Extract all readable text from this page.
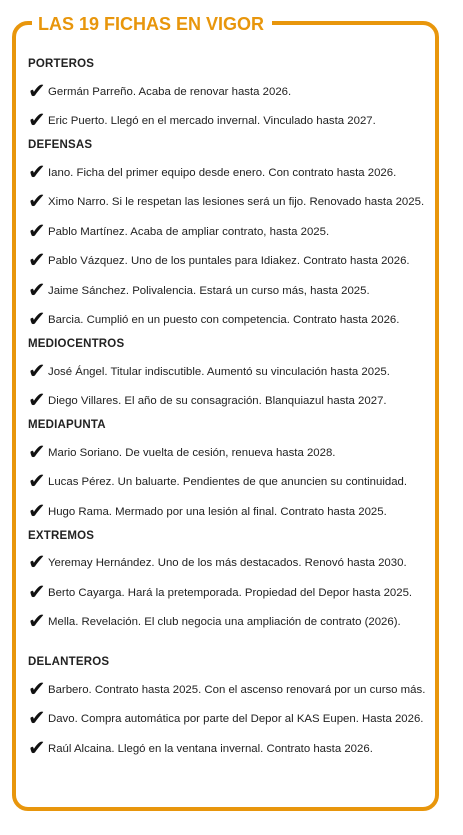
LAS 19 FICHAS EN VIGOR
PORTEROS
✔ Germán Parreño. Acaba de renovar hasta 2026.
✔ Eric Puerto. Llegó en el mercado invernal. Vinculado hasta 2027.
DEFENSAS
✔ Iano. Ficha del primer equipo desde enero. Con contrato hasta 2026.
✔ Ximo Narro. Si le respetan las lesiones será un fijo. Renovado hasta 2025.
✔ Pablo Martínez. Acaba de ampliar contrato, hasta 2025.
✔ Pablo Vázquez. Uno de los puntales para Idiakez. Contrato hasta 2026.
✔ Jaime Sánchez. Polivalencia. Estará un curso más, hasta 2025.
✔ Barcia. Cumplió en un puesto con competencia. Contrato hasta 2026.
MEDIOCENTROS
✔ José Ángel. Titular indiscutible. Aumentó su vinculación hasta 2025.
✔ Diego Villares. El año de su consagración. Blanquiazul hasta 2027.
MEDIAPUNTA
✔ Mario Soriano. De vuelta de cesión, renueva hasta 2028.
✔ Lucas Pérez. Un baluarte. Pendientes de que anuncien su continuidad.
✔ Hugo Rama. Mermado por una lesión al final. Contrato hasta 2025.
EXTREMOS
✔ Yeremay Hernández. Uno de los más destacados. Renovó hasta 2030.
✔ Berto Cayarga. Hará la pretemporada. Propiedad del Depor hasta 2025.
✔ Mella. Revelación. El club negocia una ampliación de contrato (2026).
DELANTEROS
✔ Barbero. Contrato hasta 2025. Con el ascenso renovará por un curso más.
✔ Davo. Compra automática por parte del Depor al KAS Eupen. Hasta 2026.
✔ Raúl Alcaina. Llegó en la ventana invernal. Contrato hasta 2026.
